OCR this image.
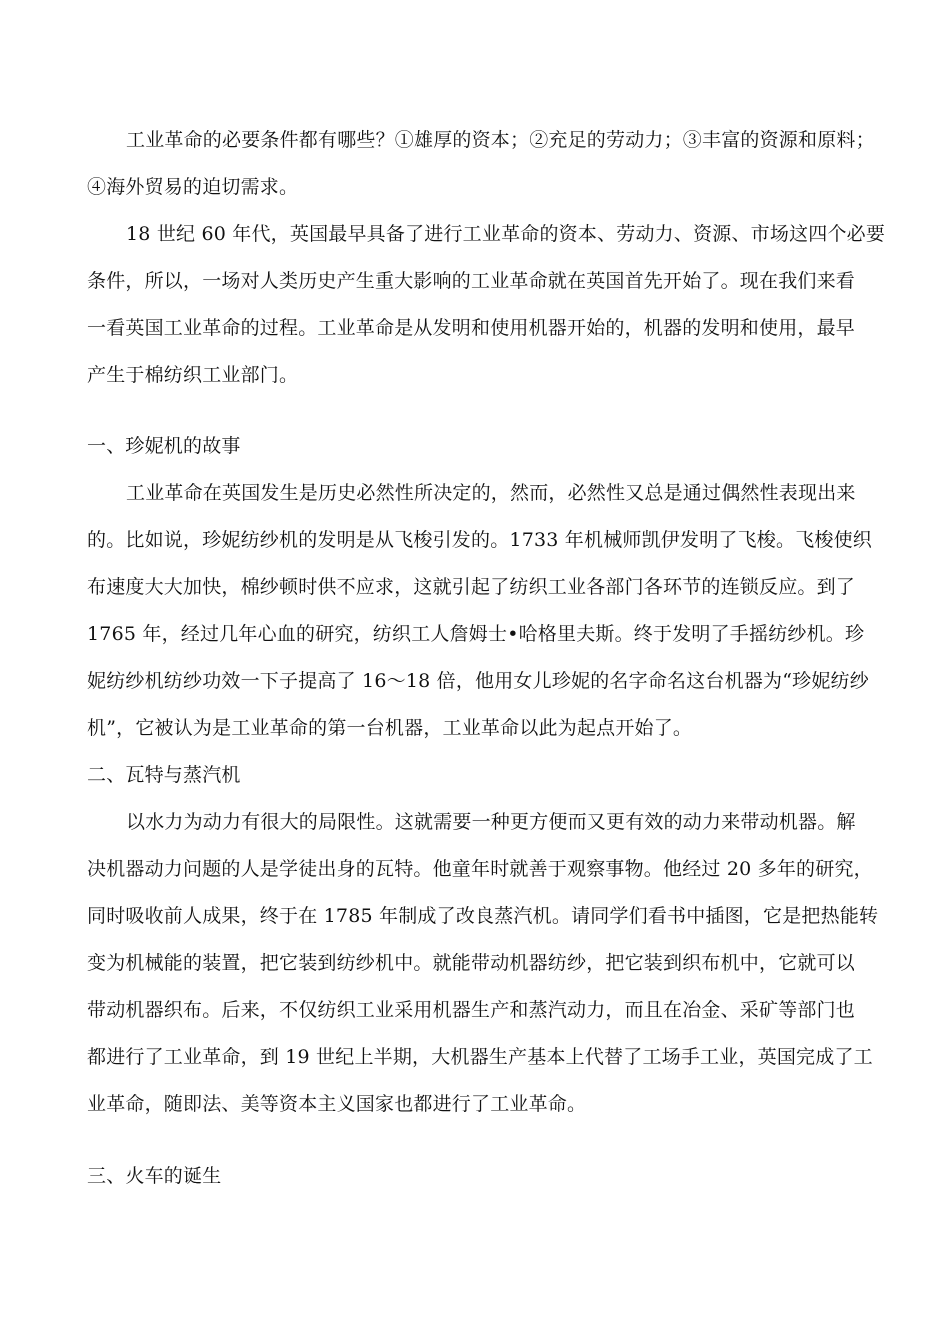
工业革命的必要条件都有哪些？①雄厚的资本；②充足的劳动力；③丰富的资源和原料；
④海外贸易的迫切需求。
18 世纪 60 年代，英国最早具备了进行工业革命的资本、劳动力、资源、市场这四个必要
条件，所以，一场对人类历史产生重大影响的工业革命就在英国首先开始了。现在我们来看
一看英国工业革命的过程。工业革命是从发明和使用机器开始的，机器的发明和使用，最早
产生于棉纺织工业部门。
一、珍妮机的故事
工业革命在英国发生是历史必然性所决定的，然而，必然性又总是通过偶然性表现出来
的。比如说，珍妮纺纱机的发明是从飞梭引发的。1733 年机械师凯伊发明了飞梭。飞梭使织
布速度大大加快，棉纱顿时供不应求，这就引起了纺织工业各部门各环节的连锁反应。到了
1765 年，经过几年心血的研究，纺织工人詹姆士•哈格里夫斯。终于发明了手摇纺纱机。珍
妮纺纱机纺纱功效一下子提高了 16～18 倍，他用女儿珍妮的名字命名这台机器为“珍妮纺纱
机”，它被认为是工业革命的第一台机器，工业革命以此为起点开始了。
二、瓦特与蒸汽机
以水力为动力有很大的局限性。这就需要一种更方便而又更有效的动力来带动机器。解
决机器动力问题的人是学徒出身的瓦特。他童年时就善于观察事物。他经过 20 多年的研究，
同时吸收前人成果，终于在 1785 年制成了改良蒸汽机。请同学们看书中插图，它是把热能转
变为机械能的装置，把它装到纺纱机中。就能带动机器纺纱，把它装到织布机中，它就可以
带动机器织布。后来，不仅纺织工业采用机器生产和蒸汽动力，而且在冶金、采矿等部门也
都进行了工业革命，到 19 世纪上半期，大机器生产基本上代替了工场手工业，英国完成了工
业革命，随即法、美等资本主义国家也都进行了工业革命。
三、火车的诞生
